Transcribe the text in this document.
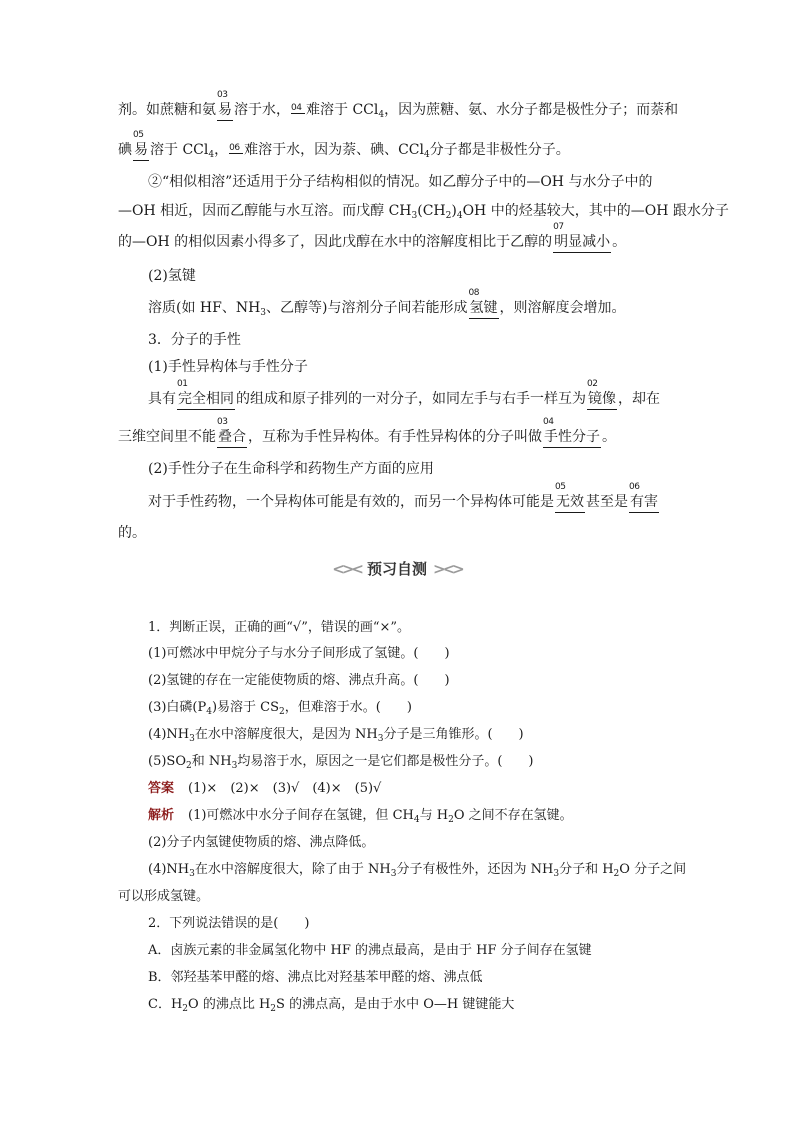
剂。如蔗糖和氨
03
易 溶于水， 04 难溶于 CCl$_4$，因为蔗糖、氨、水分子都是极性分子；而萘和
碘
05
易 溶于 CCl$_4$， 06 难溶于水，因为萘、碘、CCl$_4$分子都是非极性分子。
②“相似相溶”还适用于分子结构相似的情况。如乙醇分子中的—OH 与水分子中的
—OH 相近，因而乙醇能与水互溶。而戊醇 $CH_3(CH_2)_4OH$ 中的烃基较大，其中的—OH 跟水分子
的—OH 的相似因素小得多了，因此戊醇在水中的溶解度相比于乙醇的
07
明显减小 。
(2)氢键
溶质(如 HF、$NH_3$、乙醇等)与溶剂分子间若能形成
08
氢键 ，则溶解度会增加。
3．分子的手性
(1)手性异构体与手性分子
具有
01
完全相同 的组成和原子排列的一对分子，如同左手与右手一样互为
02
镜像 ，却在
三维空间里不能
03
叠合 ，互称为手性异构体。有手性异构体的分子叫做
04
手性分子 。
(2)手性分子在生命科学和药物生产方面的应用
对于手性药物，一个异构体可能是有效的，而另一个异构体可能是
05
无效 甚至是
06
有害
的。
<>< 预习自测 ><>
1．判断正误，正确的画“√”，错误的画“×”。
(1)可燃冰中甲烷分子与水分子间形成了氢键。(　　)
(2)氢键的存在一定能使物质的熔、沸点升高。(　　)
(3)白磷$(P_4)$易溶于 $CS_2$，但难溶于水。(　　)
$(4)NH_3$在水中溶解度很大，是因为 $NH_3$分子是三角锥形。(　　)
$(5)SO_2$和 $NH_3$均易溶于水，原因之一是它们都是极性分子。(　　)
答案 (1)×　(2)×　(3)√　(4)×　(5)√
解析 (1)可燃冰中水分子间存在氢键，但 $CH_4$与 $H_2O$ 之间不存在氢键。
(2)分子内氢键使物质的熔、沸点降低。
$(4)NH_3$在水中溶解度很大，除了由于 $NH_3$分子有极性外，还因为 $NH_3$分子和 $H_2O$ 分子之间
可以形成氢键。
2．下列说法错误的是(　　)
A．卤族元素的非金属氢化物中 HF 的沸点最高，是由于 HF 分子间存在氢键
B．邻羟基苯甲醛的熔、沸点比对羟基苯甲醛的熔、沸点低
C．$H_2O$ 的沸点比 $H_2S$ 的沸点高，是由于水中 O—H 键键能大
